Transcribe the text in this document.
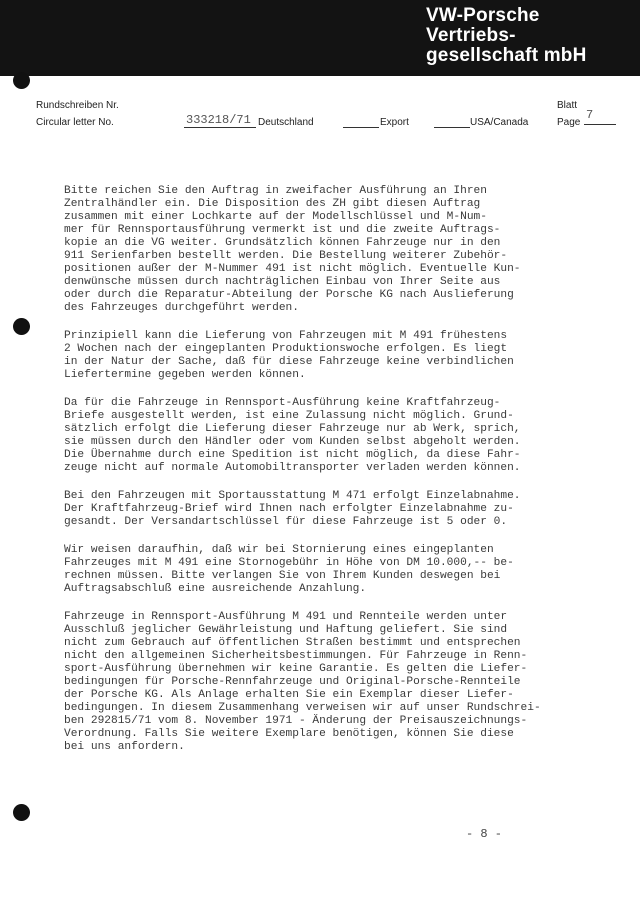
VW-Porsche
Vertriebs-
gesellschaft mbH
Rundschreiben Nr.
Circular letter No.	333218/71 Deutschland	Export	USA/Canada
Blatt
Page
7
Bitte reichen Sie den Auftrag in zweifacher Ausführung an Ihren
Zentralhändler ein. Die Disposition des ZH gibt diesen Auftrag
zusammen mit einer Lochkarte auf der Modellschlüssel und M-Num-
mer für Rennsportausführung vermerkt ist und die zweite Auftrags-
kopie an die VG weiter. Grundsätzlich können Fahrzeuge nur in den
911 Serienfarben bestellt werden. Die Bestellung weiterer Zubehör-
positionen außer der M-Nummer 491 ist nicht möglich. Eventuelle Kun-
denwünsche müssen durch nachträglichen Einbau von Ihrer Seite aus
oder durch die Reparatur-Abteilung der Porsche KG nach Auslieferung
des Fahrzeuges durchgeführt werden.
Prinzipiell kann die Lieferung von Fahrzeugen mit M 491 frühestens
2 Wochen nach der eingeplanten Produktionswoche erfolgen. Es liegt
in der Natur der Sache, daß für diese Fahrzeuge keine verbindlichen
Liefertermine gegeben werden können.
Da für die Fahrzeuge in Rennsport-Ausführung keine Kraftfahrzeug-
Briefe ausgestellt werden, ist eine Zulassung nicht möglich. Grund-
sätzlich erfolgt die Lieferung dieser Fahrzeuge nur ab Werk, sprich,
sie müssen durch den Händler oder vom Kunden selbst abgeholt werden.
Die Übernahme durch eine Spedition ist nicht möglich, da diese Fahr-
zeuge nicht auf normale Automobiltransporter verladen werden können.
Bei den Fahrzeugen mit Sportausstattung M 471 erfolgt Einzelabnahme.
Der Kraftfahrzeug-Brief wird Ihnen nach erfolgter Einzelabnahme zu-
gesandt. Der Versandartschlüssel für diese Fahrzeuge ist 5 oder 0.
Wir weisen daraufhin, daß wir bei Stornierung eines eingeplanten
Fahrzeuges mit M 491 eine Stornogebühr in Höhe von DM 10.000,-- be-
rechnen müssen. Bitte verlangen Sie von Ihrem Kunden deswegen bei
Auftragsabschluß eine ausreichende Anzahlung.
Fahrzeuge in Rennsport-Ausführung M 491 und Rennteile werden unter
Ausschluß jeglicher Gewährleistung und Haftung geliefert. Sie sind
nicht zum Gebrauch auf öffentlichen Straßen bestimmt und entsprechen
nicht den allgemeinen Sicherheitsbestimmungen. Für Fahrzeuge in Renn-
sport-Ausführung übernehmen wir keine Garantie. Es gelten die Liefer-
bedingungen für Porsche-Rennfahrzeuge und Original-Porsche-Rennteile
der Porsche KG. Als Anlage erhalten Sie ein Exemplar dieser Liefer-
bedingungen. In diesem Zusammenhang verweisen wir auf unser Rundschrei-
ben 292815/71 vom 8. November 1971 - Änderung der Preisauszeichnungs-
Verordnung. Falls Sie weitere Exemplare benötigen, können Sie diese
bei uns anfordern.
- 8 -
